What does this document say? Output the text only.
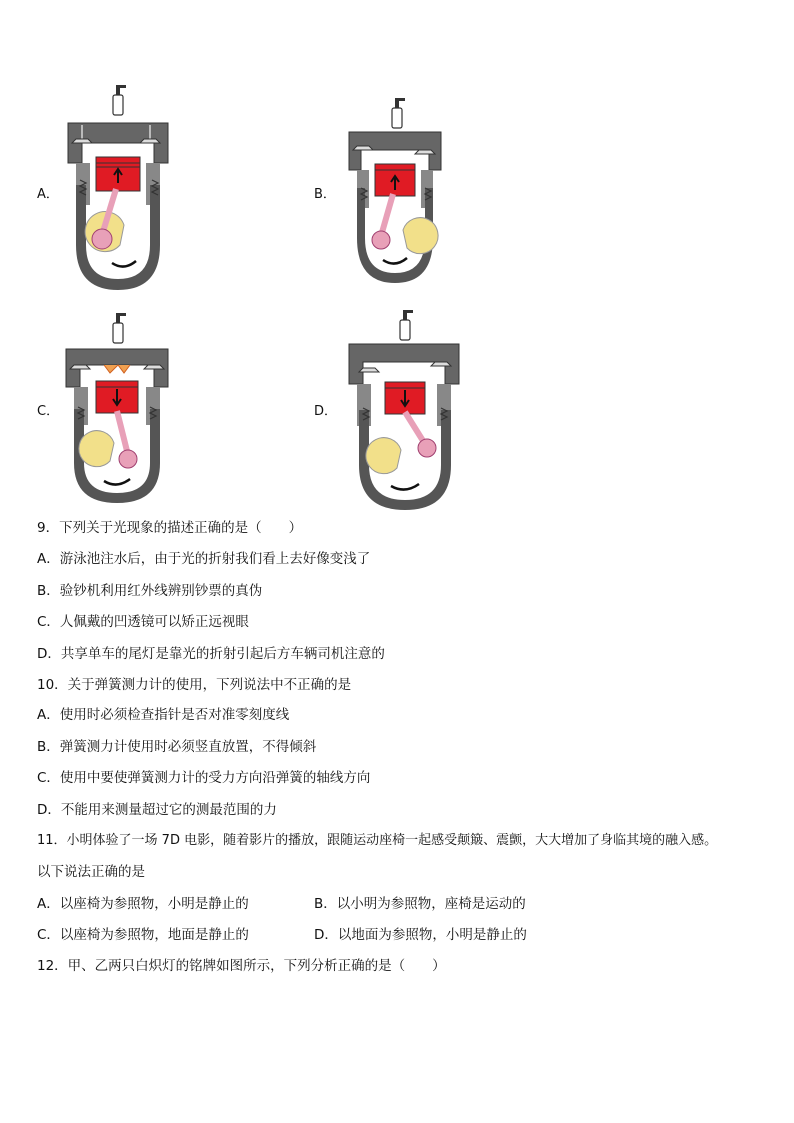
A．	B．
C．	D．
9．下列关于光现象的描述正确的是（　　）
A．游泳池注水后，由于光的折射我们看上去好像变浅了
B．验钞机利用红外线辨别钞票的真伪
C．人佩戴的凹透镜可以矫正远视眼
D．共享单车的尾灯是靠光的折射引起后方车辆司机注意的
10．关于弹簧测力计的使用，下列说法中不正确的是
A．使用时必须检查指针是否对准零刻度线
B．弹簧测力计使用时必须竖直放置，不得倾斜
C．使用中要使弹簧测力计的受力方向沿弹簧的轴线方向
D．不能用来测量超过它的测最范围的力
11．小明体验了一场 7D 电影，随着影片的播放，跟随运动座椅一起感受颠簸、震颤，大大增加了身临其境的融入感。
以下说法正确的是
A．以座椅为参照物，小明是静止的	B．以小明为参照物，座椅是运动的
C．以座椅为参照物，地面是静止的	D．以地面为参照物，小明是静止的
12．甲、乙两只白炽灯的铭牌如图所示，下列分析正确的是（　　）
